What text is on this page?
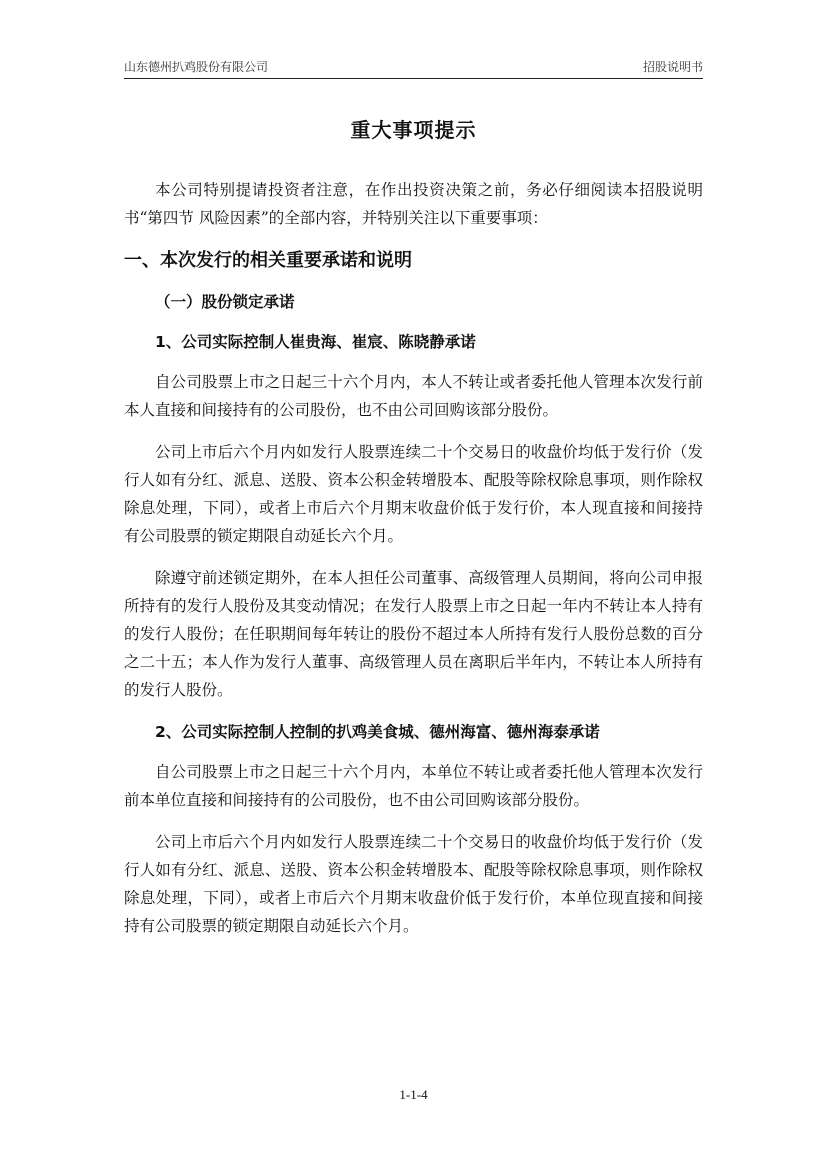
山东德州扒鸡股份有限公司	招股说明书
重大事项提示

本公司特别提请投资者注意，在作出投资决策之前，务必仔细阅读本招股说明书“第四节 风险因素”的全部内容，并特别关注以下重要事项：

一、本次发行的相关重要承诺和说明
（一）股份锁定承诺
1、公司实际控制人崔贵海、崔宸、陈晓静承诺

自公司股票上市之日起三十六个月内，本人不转让或者委托他人管理本次发行前本人直接和间接持有的公司股份，也不由公司回购该部分股份。

公司上市后六个月内如发行人股票连续二十个交易日的收盘价均低于发行价（发行人如有分红、派息、送股、资本公积金转增股本、配股等除权除息事项，则作除权除息处理，下同），或者上市后六个月期末收盘价低于发行价，本人现直接和间接持有公司股票的锁定期限自动延长六个月。

除遵守前述锁定期外，在本人担任公司董事、高级管理人员期间，将向公司申报所持有的发行人股份及其变动情况；在发行人股票上市之日起一年内不转让本人持有的发行人股份；在任职期间每年转让的股份不超过本人所持有发行人股份总数的百分之二十五；本人作为发行人董事、高级管理人员在离职后半年内，不转让本人所持有的发行人股份。

2、公司实际控制人控制的扒鸡美食城、德州海富、德州海泰承诺

自公司股票上市之日起三十六个月内，本单位不转让或者委托他人管理本次发行前本单位直接和间接持有的公司股份，也不由公司回购该部分股份。

公司上市后六个月内如发行人股票连续二十个交易日的收盘价均低于发行价（发行人如有分红、派息、送股、资本公积金转增股本、配股等除权除息事项，则作除权除息处理，下同），或者上市后六个月期末收盘价低于发行价，本单位现直接和间接持有公司股票的锁定期限自动延长六个月。

1-1-4
